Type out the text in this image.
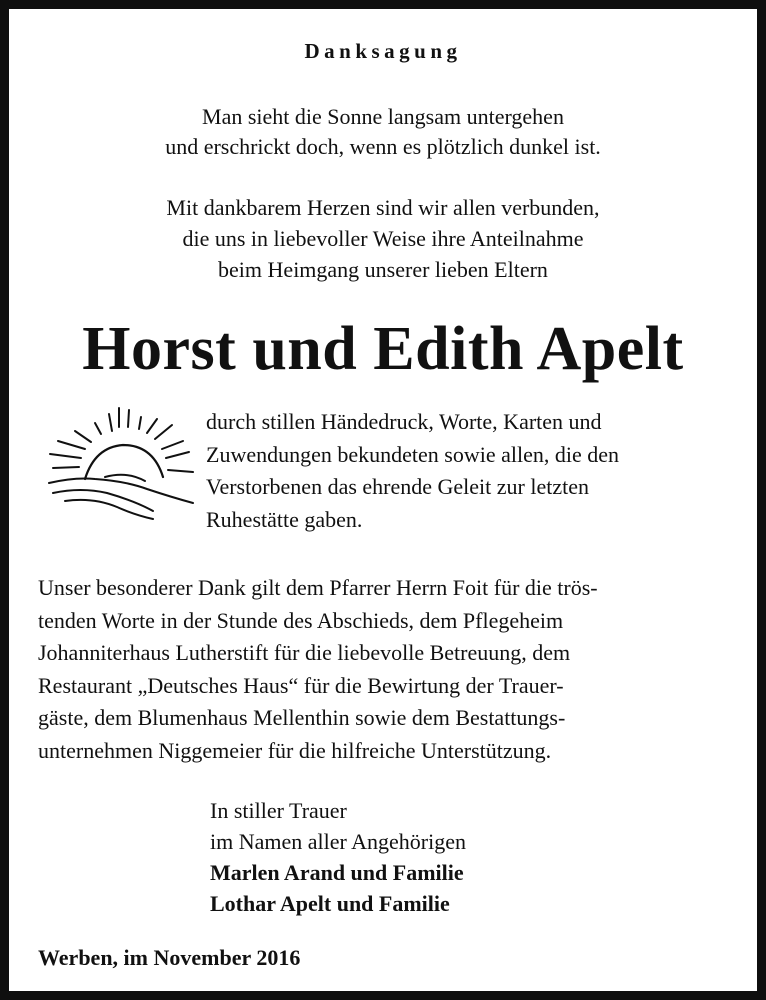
Danksagung
Man sieht die Sonne langsam untergehen
und erschrickt doch, wenn es plötzlich dunkel ist.
Mit dankbarem Herzen sind wir allen verbunden,
die uns in liebevoller Weise ihre Anteilnahme
beim Heimgang unserer lieben Eltern
Horst und Edith Apelt
durch stillen Händedruck, Worte, Karten und
Zuwendungen bekundeten sowie allen, die den
Verstorbenen das ehrende Geleit zur letzten
Ruhestätte gaben.
Unser besonderer Dank gilt dem Pfarrer Herrn Foit für die trös-
tenden Worte in der Stunde des Abschieds, dem Pflegeheim
Johanniterhaus Lutherstift für die liebevolle Betreuung, dem
Restaurant „Deutsches Haus“ für die Bewirtung der Trauer-
gäste, dem Blumenhaus Mellenthin sowie dem Bestattungs-
unternehmen Niggemeier für die hilfreiche Unterstützung.
In stiller Trauer
im Namen aller Angehörigen
Marlen Arand und Familie
Lothar Apelt und Familie
Werben, im November 2016
